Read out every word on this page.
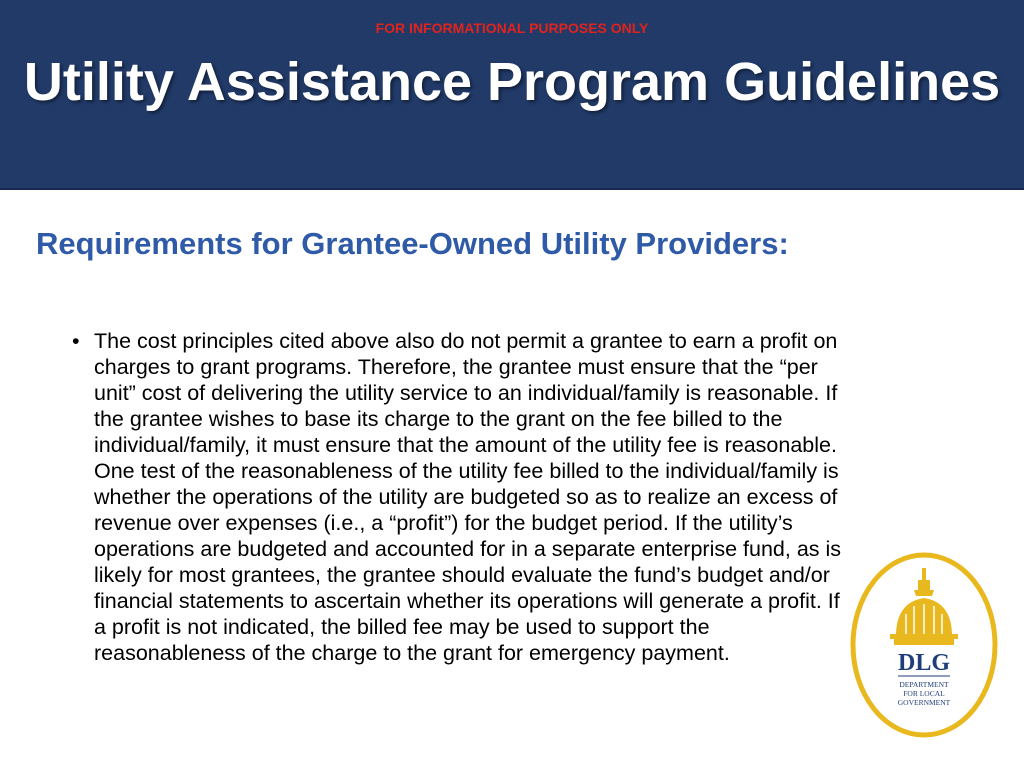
FOR INFORMATIONAL PURPOSES ONLY
Utility Assistance Program Guidelines
Requirements for Grantee-Owned Utility Providers:
• The cost principles cited above also do not permit a grantee to earn a profit on charges to grant programs. Therefore, the grantee must ensure that the “per unit” cost of delivering the utility service to an individual/family is reasonable. If the grantee wishes to base its charge to the grant on the fee billed to the individual/family, it must ensure that the amount of the utility fee is reasonable. One test of the reasonableness of the utility fee billed to the individual/family is whether the operations of the utility are budgeted so as to realize an excess of revenue over expenses (i.e., a “profit”) for the budget period. If the utility’s operations are budgeted and accounted for in a separate enterprise fund, as is likely for most grantees, the grantee should evaluate the fund’s budget and/or financial statements to ascertain whether its operations will generate a profit. If a profit is not indicated, the billed fee may be used to support the reasonableness of the charge to the grant for emergency payment.	DLG
DEPARTMENT
FOR LOCAL
GOVERNMENT
